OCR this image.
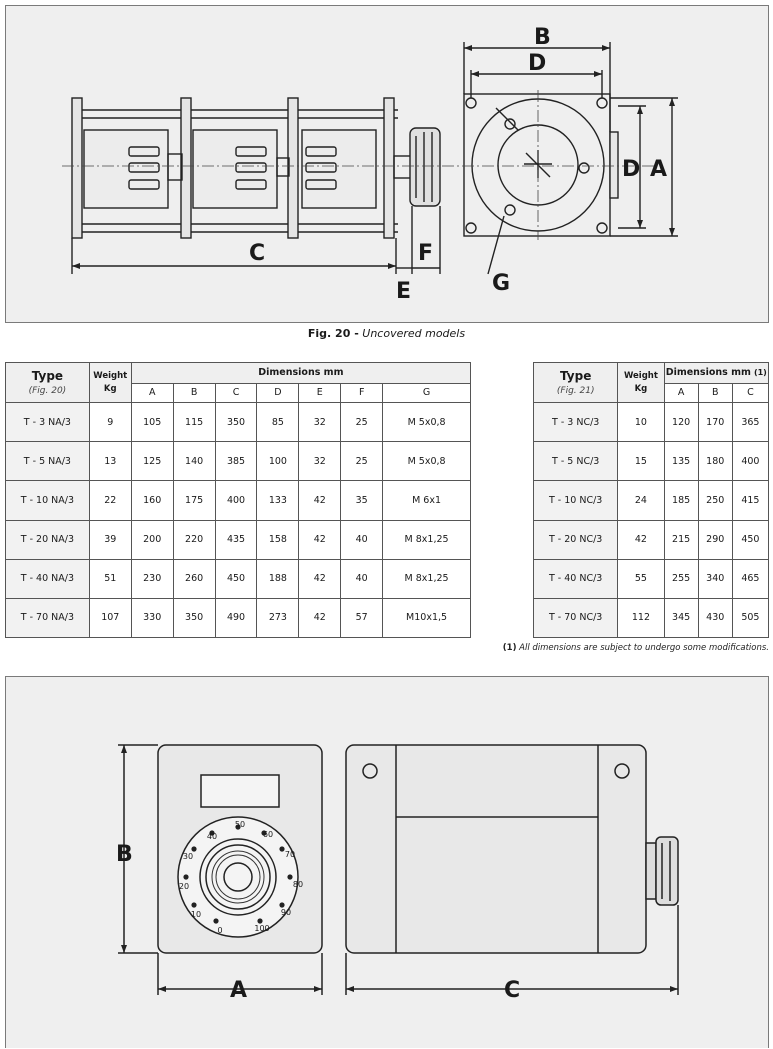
C	F
E	G
B
D
D A
Fig. 20 - Uncovered models
Type
(Fig. 20)	Weight
Kg	Dimensions mm						
		A	B	C	D	E	F	G
T - 3 NA/3	9	105	115	350	85	32	25	M 5x0,8
T - 5 NA/3	13	125	140	385	100	32	25	M 5x0,8
T - 10 NA/3	22	160	175	400	133	42	35	M 6x1
T - 20 NA/3	39	200	220	435	158	42	40	M 8x1,25
T - 40 NA/3	51	230	260	450	188	42	40	M 8x1,25
T - 70 NA/3	107	330	350	490	273	42	57	M10x1,5
Type
(Fig. 21)	Weight
Kg	Dimensions mm (1)		
		A	B	C
T - 3 NC/3	10	120	170	365
T - 5 NC/3	15	135	180	400
T - 10 NC/3	24	185	250	415
T - 20 NC/3	42	215	290	450
T - 40 NC/3	55	255	340	465
T - 70 NC/3	112	345	430	505
(1) All dimensions are subject to undergo some modifications.
0
10
20
30
40
50
60
70
80
90
100
B
A	C
